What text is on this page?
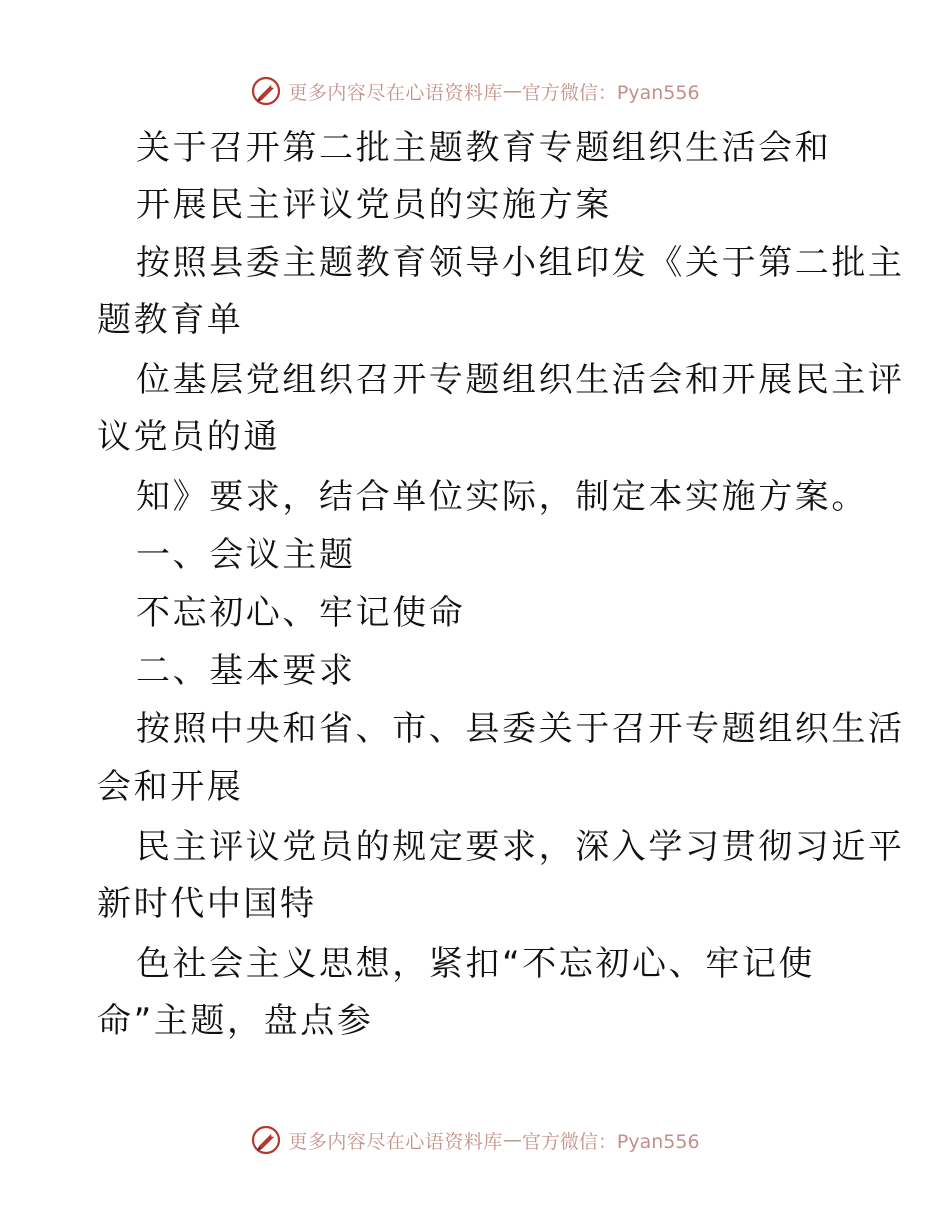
更多内容尽在心语资料库 — 官方微信：Pyan556
关于召开第二批主题教育专题组织生活会和
开展民主评议党员的实施方案
按照县委主题教育领导小组印发《关于第二批主
题教育单
位基层党组织召开专题组织生活会和开展民主评
议党员的通
知》要求，结合单位实际，制定本实施方案。
一、会议主题
不忘初心、牢记使命
二、基本要求
按照中央和省、市、县委关于召开专题组织生活
会和开展
民主评议党员的规定要求，深入学习贯彻习近平
新时代中国特
色社会主义思想，紧扣“不忘初心、牢记使
命”主题，盘点参
更多内容尽在心语资料库 — 官方微信：Pyan556
